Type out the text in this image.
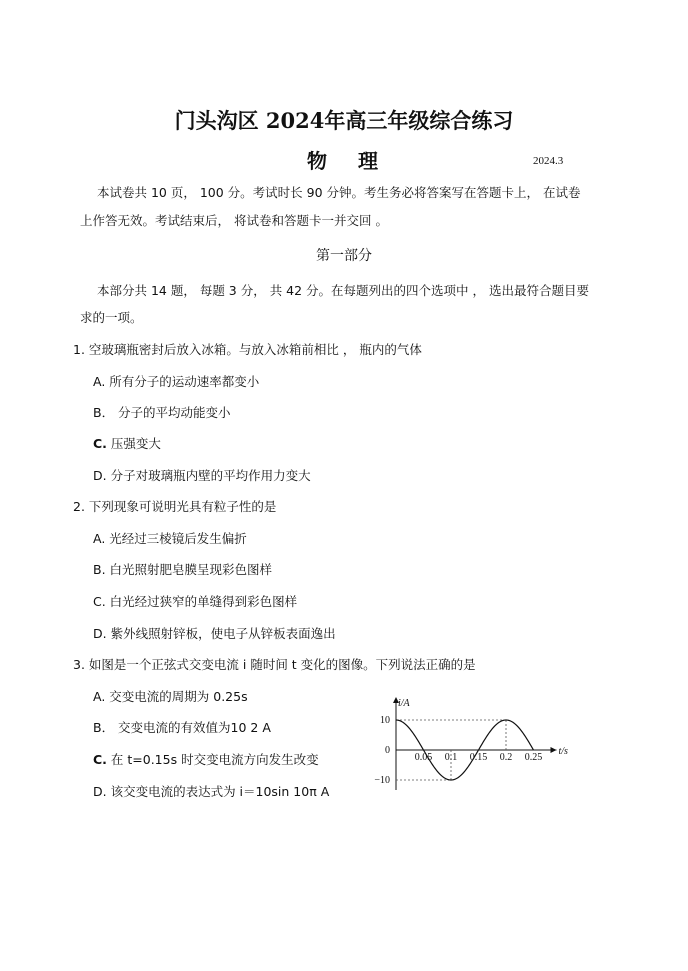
门头沟区 2024年高三年级综合练习
物 理	2024.3
本试卷共 10 页， 100 分。考试时长 90 分钟。考生务必将答案写在答题卡上， 在试卷
上作答无效。考试结束后， 将试卷和答题卡一并交回 。
第一部分
本部分共 14 题， 每题 3 分， 共 42 分。在每题列出的四个选项中 ， 选出最符合题目要
求的一项。
1. 空玻璃瓶密封后放入冰箱。与放入冰箱前相比 ， 瓶内的气体
A. 所有分子的运动速率都变小
B． 分子的平均动能变小
C. 压强变大
D. 分子对玻璃瓶内壁的平均作用力变大
2. 下列现象可说明光具有粒子性的是
A. 光经过三棱镜后发生偏折
B. 白光照射肥皂膜呈现彩色图样
C. 白光经过狭窄的单缝得到彩色图样
D. 紫外线照射锌板，使电子从锌板表面逸出
3. 如图是一个正弦式交变电流 i 随时间 t 变化的图像。下列说法正确的是
A. 交变电流的周期为 0.25s
B． 交变电流的有效值为10 2 A
C. 在 t=0.15s 时交变电流方向发生改变
D. 该交变电流的表达式为 i＝10sin 10π A
0.05 0.1 0.15 0.2 0.25
10
0
−10
i/A
t/s
